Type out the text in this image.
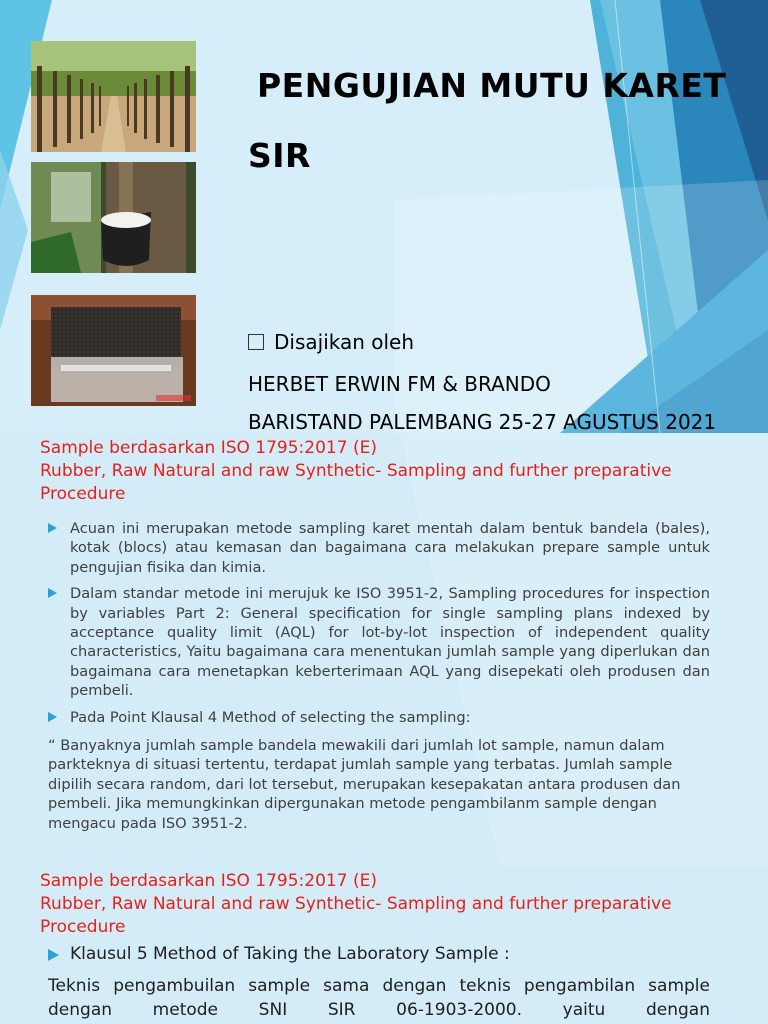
PENGUJIAN MUTU KARET
SIR
Disajikan oleh
HERBET ERWIN FM & BRANDO
BARISTAND PALEMBANG 25-27 AGUSTUS 2021
Sample berdasarkan ISO 1795:2017 (E)
Rubber, Raw Natural and raw Synthetic- Sampling and further preparative Procedure
Acuan ini merupakan metode sampling karet mentah dalam bentuk bandela (bales), kotak (blocs) atau kemasan dan bagaimana cara melakukan prepare sample untuk pengujian fisika dan kimia.
Dalam standar metode ini merujuk ke ISO 3951-2, Sampling procedures for inspection by variables Part 2: General specification for single sampling plans indexed by acceptance quality limit (AQL) for lot-by-lot inspection of independent quality characteristics, Yaitu bagaimana cara menentukan jumlah sample yang diperlukan dan bagaimana cara menetapkan keberterimaan AQL yang disepekati oleh produsen dan pembeli.
Pada Point Klausal 4 Method of selecting the sampling:

“ Banyaknya jumlah sample bandela mewakili dari jumlah lot sample, namun dalam parkteknya di situasi tertentu, terdapat jumlah sample yang terbatas. Jumlah sample dipilih secara random, dari lot tersebut, merupakan kesepakatan antara produsen dan pembeli. Jika memungkinkan dipergunakan metode pengambilanm sample dengan mengacu pada ISO 3951-2.

Sample berdasarkan ISO 1795:2017 (E)
Rubber, Raw Natural and raw Synthetic- Sampling and further preparative Procedure
Klausul 5 Method of Taking the Laboratory Sample :

Teknis pengambuilan sample sama dengan teknis pengambilan sample dengan metode SNI SIR 06-1903-2000. yaitu dengan
